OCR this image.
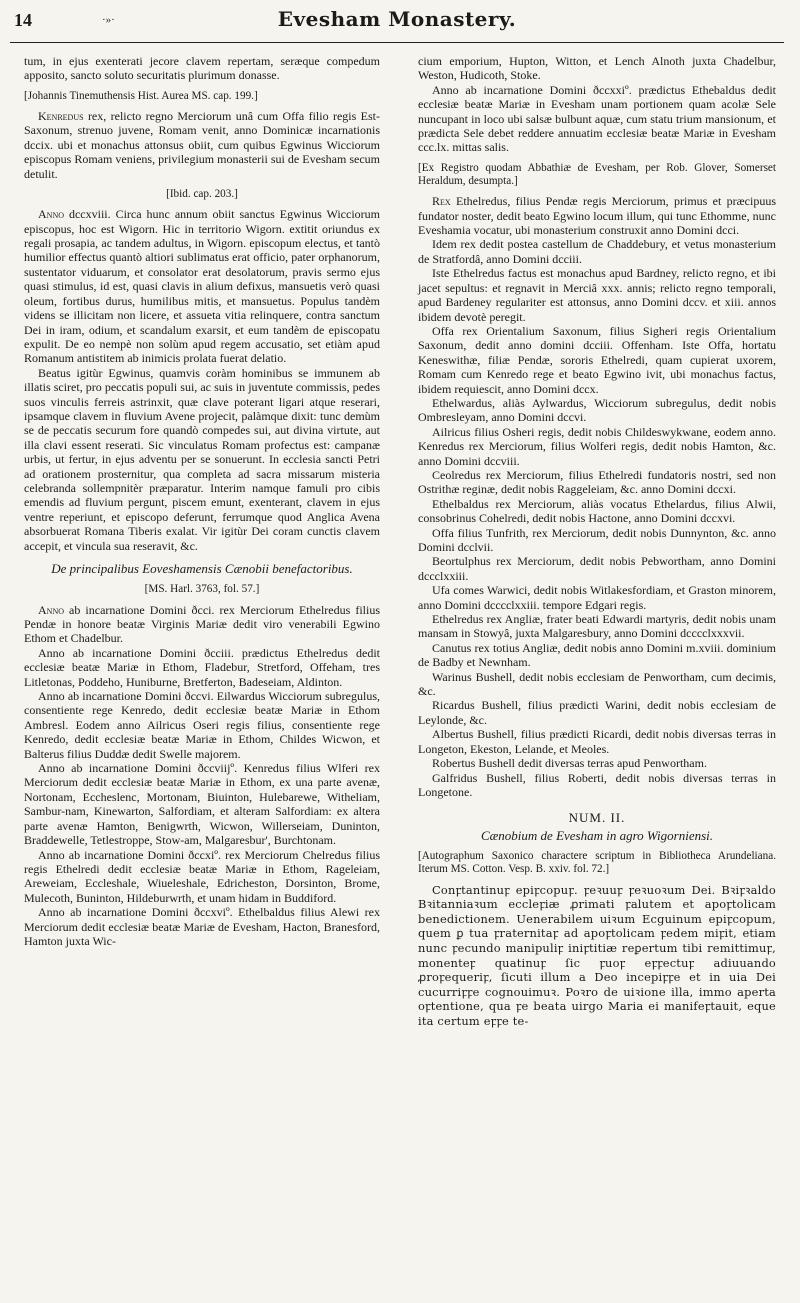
14	·»·	Evesham Monastery.

tum, in ejus exenterati jecore clavem repertam, seræque compedum apposito, sancto soluto securitatis plurimum donasse.

[Johannis Tinemuthensis Hist. Aurea MS. cap. 199.]

Kenredus rex, relicto regno Merciorum unâ cum Offa filio regis Est-Saxonum, strenuo juvene, Romam venit, anno Dominicæ incarnationis dccix. ubi et monachus attonsus obiit, cum quibus Egwinus Wicciorum episcopus Romam veniens, privilegium monasterii sui de Evesham secum detulit.

[Ibid. cap. 203.]

Anno dccxviii. Circa hunc annum obiit sanctus Egwinus Wicciorum episcopus, hoc est Wigorn. Hic in territorio Wigorn. extitit oriundus ex regali prosapia, ac tandem adultus, in Wigorn. episcopum electus, et tantò humilior effectus quantò altiori sublimatus erat officio, pater orphanorum, sustentator viduarum, et consolator erat desolatorum, pravis sermo ejus quasi stimulus, id est, quasi clavis in alium defixus, mansuetis verò quasi oleum, fortibus durus, humilibus mitis, et mansuetus. Populus tandèm videns se illicitam non licere, et assueta vitia relinquere, contra sanctum Dei in iram, odium, et scandalum exarsit, et eum tandèm de episcopatu expulit. De eo nempè non solùm apud regem accusatio, set etiàm apud Romanum antistitem ab inimicis prolata fuerat delatio.

Beatus igitùr Egwinus, quamvis coràm hominibus se immunem ab illatis sciret, pro peccatis populi sui, ac suis in juventute commissis, pedes suos vinculis ferreis astrinxit, quæ clave poterant ligari atque reserari, ipsamque clavem in fluvium Avene projecit, palàmque dixit: tunc demùm se de peccatis securum fore quandò compedes sui, aut divina virtute, aut illa clavi essent reserati. Sic vinculatus Romam profectus est: campanæ urbis, ut fertur, in ejus adventu per se sonuerunt. In ecclesia sancti Petri ad orationem prosternitur, qua completa ad sacra missarum misteria celebranda sollempnitèr præparatur. Interim namque famuli pro cibis emendis ad fluvium pergunt, piscem emunt, exenterant, clavem in ejus ventre reperiunt, et episcopo deferunt, ferrumque quod Anglica Avena absorbuerat Romana Tiberis exalat. Vir igitùr Dei coram cunctis clavem accepit, et vincula sua reseravit, &c.

De principalibus Eoveshamensis Cænobii benefactoribus.

[MS. Harl. 3763, fol. 57.]

Anno ab incarnatione Domini ðcci. rex Merciorum Ethelredus filius Pendæ in honore beatæ Virginis Mariæ dedit viro venerabili Egwino Ethom et Chadelbur.

Anno ab incarnatione Domini ðcciii. prædictus Ethelredus dedit ecclesiæ beatæ Mariæ in Ethom, Fladebur, Stretford, Offeham, tres Litletonas, Poddeho, Huniburne, Bretferton, Badeseiam, Aldinton.

Anno ab incarnatione Domini ðccvi. Eilwardus Wicciorum subregulus, consentiente rege Kenredo, dedit ecclesiæ beatæ Mariæ in Ethom Ambresl. Eodem anno Ailricus Oseri regis filius, consentiente rege Kenredo, dedit ecclesiæ beatæ Mariæ in Ethom, Childes Wicwon, et Balterus filius Duddæ dedit Swelle majorem.

Anno ab incarnatione Domini ðccviijº. Kenredus filius Wlferi rex Merciorum dedit ecclesiæ beatæ Mariæ in Ethom, ex una parte avenæ, Nortonam, Eccheslenc, Mortonam, Biuinton, Hulebarewe, Witheliam, Sambur-nam, Kinewarton, Salfordiam, et alteram Salfordiam: ex altera parte avenæ Hamton, Benigwrth, Wicwon, Willerseiam, Duninton, Braddewelle, Tetlestroppe, Stow-am, Malgaresbur', Burchtonam.

Anno ab incarnatione Domini ðccxiº. rex Merciorum Chelredus filius regis Ethelredi dedit ecclesiæ beatæ Mariæ in Ethom, Rageleiam, Areweiam, Eccleshale, Wiueleshale, Edricheston, Dorsinton, Brome, Mulecoth, Buninton, Hildeburwrth, et unam hidam in Buddiford.

Anno ab incarnatione Domini ðccxviº. Ethelbaldus filius Alewi rex Merciorum dedit ecclesiæ beatæ Mariæ de Evesham, Hacton, Branesford, Hamton juxta Wic-

cium emporium, Hupton, Witton, et Lench Alnoth juxta Chadelbur, Weston, Hudicoth, Stoke.

Anno ab incarnatione Domini ðccxxiº. prædictus Ethebaldus dedit ecclesiæ beatæ Mariæ in Evesham unam portionem quam acolæ Sele nuncupant in loco ubi salsæ bulbunt aquæ, cum statu trium mansionum, et prædicta Sele debet reddere annuatim ecclesiæ beatæ Mariæ in Evesham ccc.lx. mittas salis.

[Ex Registro quodam Abbathiæ de Evesham, per Rob. Glover, Somerset Heraldum, desumpta.]

Rex Ethelredus, filius Pendæ regis Merciorum, primus et præcipuus fundator noster, dedit beato Egwino locum illum, qui tunc Ethomme, nunc Eveshamia vocatur, ubi monasterium construxit anno Domini dcci.

Idem rex dedit postea castellum de Chaddebury, et vetus monasterium de Stratfordâ, anno Domini dcciii.

Iste Ethelredus factus est monachus apud Bardney, relicto regno, et ibi jacet sepultus: et regnavit in Merciâ xxx. annis; relicto regno temporali, apud Bardeney regulariter est attonsus, anno Domini dccv. et xiii. annos ibidem devotè peregit.

Offa rex Orientalium Saxonum, filius Sigheri regis Orientalium Saxonum, dedit anno domini dcciii. Offenham. Iste Offa, hortatu Keneswithæ, filiæ Pendæ, sororis Ethelredi, quam cupierat uxorem, Romam cum Kenredo rege et beato Egwino ivit, ubi monachus factus, ibidem requiescit, anno Domini dccx.

Ethelwardus, aliàs Aylwardus, Wicciorum subregulus, dedit nobis Ombresleyam, anno Domini dccvi.

Ailricus filius Osheri regis, dedit nobis Childeswykwane, eodem anno. Kenredus rex Merciorum, filius Wolferi regis, dedit nobis Hamton, &c. anno Domini dccviii.

Ceolredus rex Merciorum, filius Ethelredi fundatoris nostri, sed non Ostrithæ reginæ, dedit nobis Raggeleiam, &c. anno Domini dccxi.

Ethelbaldus rex Merciorum, aliàs vocatus Ethelardus, filius Alwii, consobrinus Cohelredi, dedit nobis Hactone, anno Domini dccxvi.

Offa filius Tunfrith, rex Merciorum, dedit nobis Dunnynton, &c. anno Domini dcclvii.

Beortulphus rex Merciorum, dedit nobis Pebwortham, anno Domini dccclxxiii.

Ufa comes Warwici, dedit nobis Witlakesfordiam, et Graston minorem, anno Domini dcccclxxiii. tempore Edgari regis.

Ethelredus rex Angliæ, frater beati Edwardi martyris, dedit nobis unam mansam in Stowyâ, juxta Malgaresbury, anno Domini dcccclxxxvii.

Canutus rex totius Angliæ, dedit nobis anno Domini m.xviii. dominium de Badby et Newnham.

Warinus Bushell, dedit nobis ecclesiam de Penwortham, cum decimis, &c.

Ricardus Bushell, filius prædicti Warini, dedit nobis ecclesiam de Leylonde, &c.

Albertus Bushell, filius prædicti Ricardi, dedit nobis diversas terras in Longeton, Ekeston, Lelande, et Meoles.

Robertus Bushell dedit diversas terras apud Penwortham.

Galfridus Bushell, filius Roberti, dedit nobis diversas terras in Longetone.

NUM. II.
Cænobium de Evesham in agro Wigorniensi.

[Autographum Saxonico charactere scriptum in Bibliotheca Arundeliana. Iterum MS. Cotton. Vesp. B. xxiv. fol. 72.]

Conꝼtantinuꝼ epiꝼcopuꝼ. ꝼeꝛuuꝼ ꝼeꝛuoꝛum Dei. Bꝛiꝼꝛaldo Bꝛitanniaꝛum eccleꝼiæ ꝓrimati ꝼalutem et apoꝼtolicam benedictionem. Uenerabilem uiꝛum Ecguinum epiꝼcopum, quem ꝑ tua ꝼraternitaꝼ ad apoꝼtolicam ꝼedem miꝼit, etiam nunc ꝼecundo manipuliꝼ iniꝼtitiæ reꝑertum tibi remittimuꝼ, monenteꝼ quatinuꝼ ſic ꝼuoꝼ eꝼꝼectuꝼ adiuuando ꝓroꝼequeriꝼ, ſicuti illum a Deo incepiꝼꝼe et in uia Dei cucurriꝼꝼe cognouimuꝛ. Poꝛro de uiꝛione illa, immo aperta oꝼtentione, qua ꝼe beata uirgo Maria ei manifeꝼtauit, eque ita certum eꝼꝼe te-
